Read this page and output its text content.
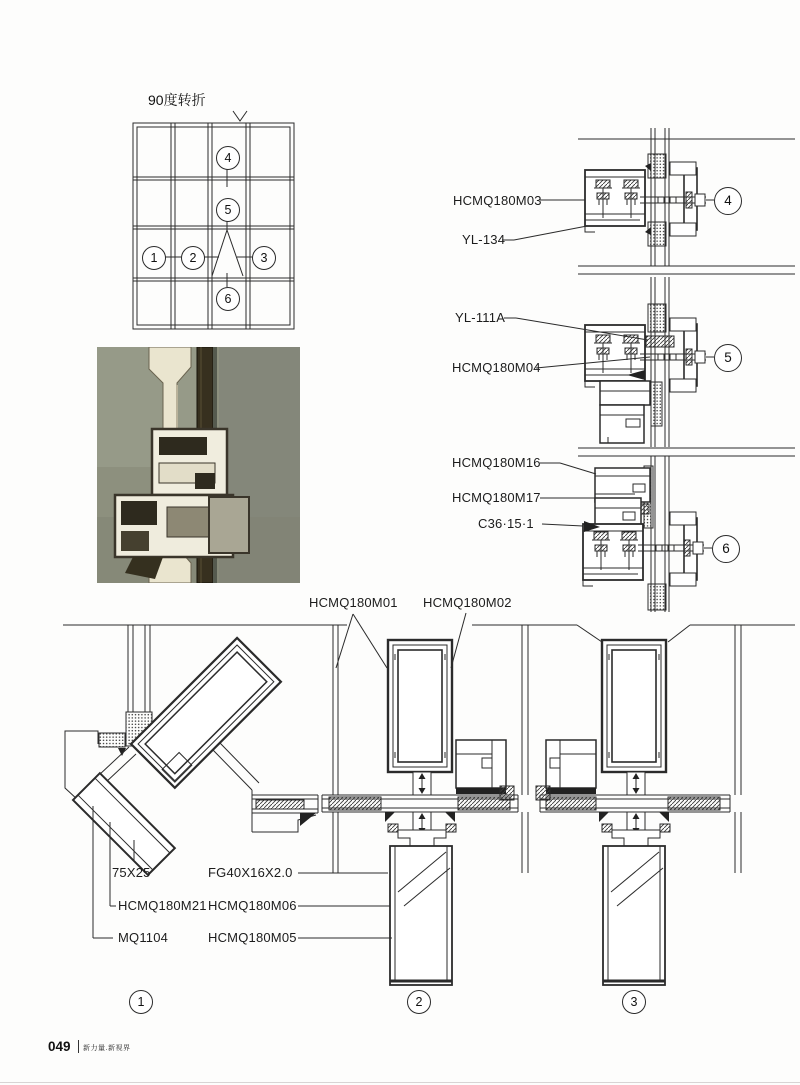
90度转折
HCMQ180M03
YL-134
YL-111A
HCMQ180M04
HCMQ180M16
HCMQ180M17
C36·15·1
HCMQ180M01 HCMQ180M02
75X25	FG40X16X2.0
HCMQ180M21 HCMQ180M06
MQ1104	HCMQ180M05
1	2	3
4
5
6
4
5
6
1	2	3
049 新力量.新视界
